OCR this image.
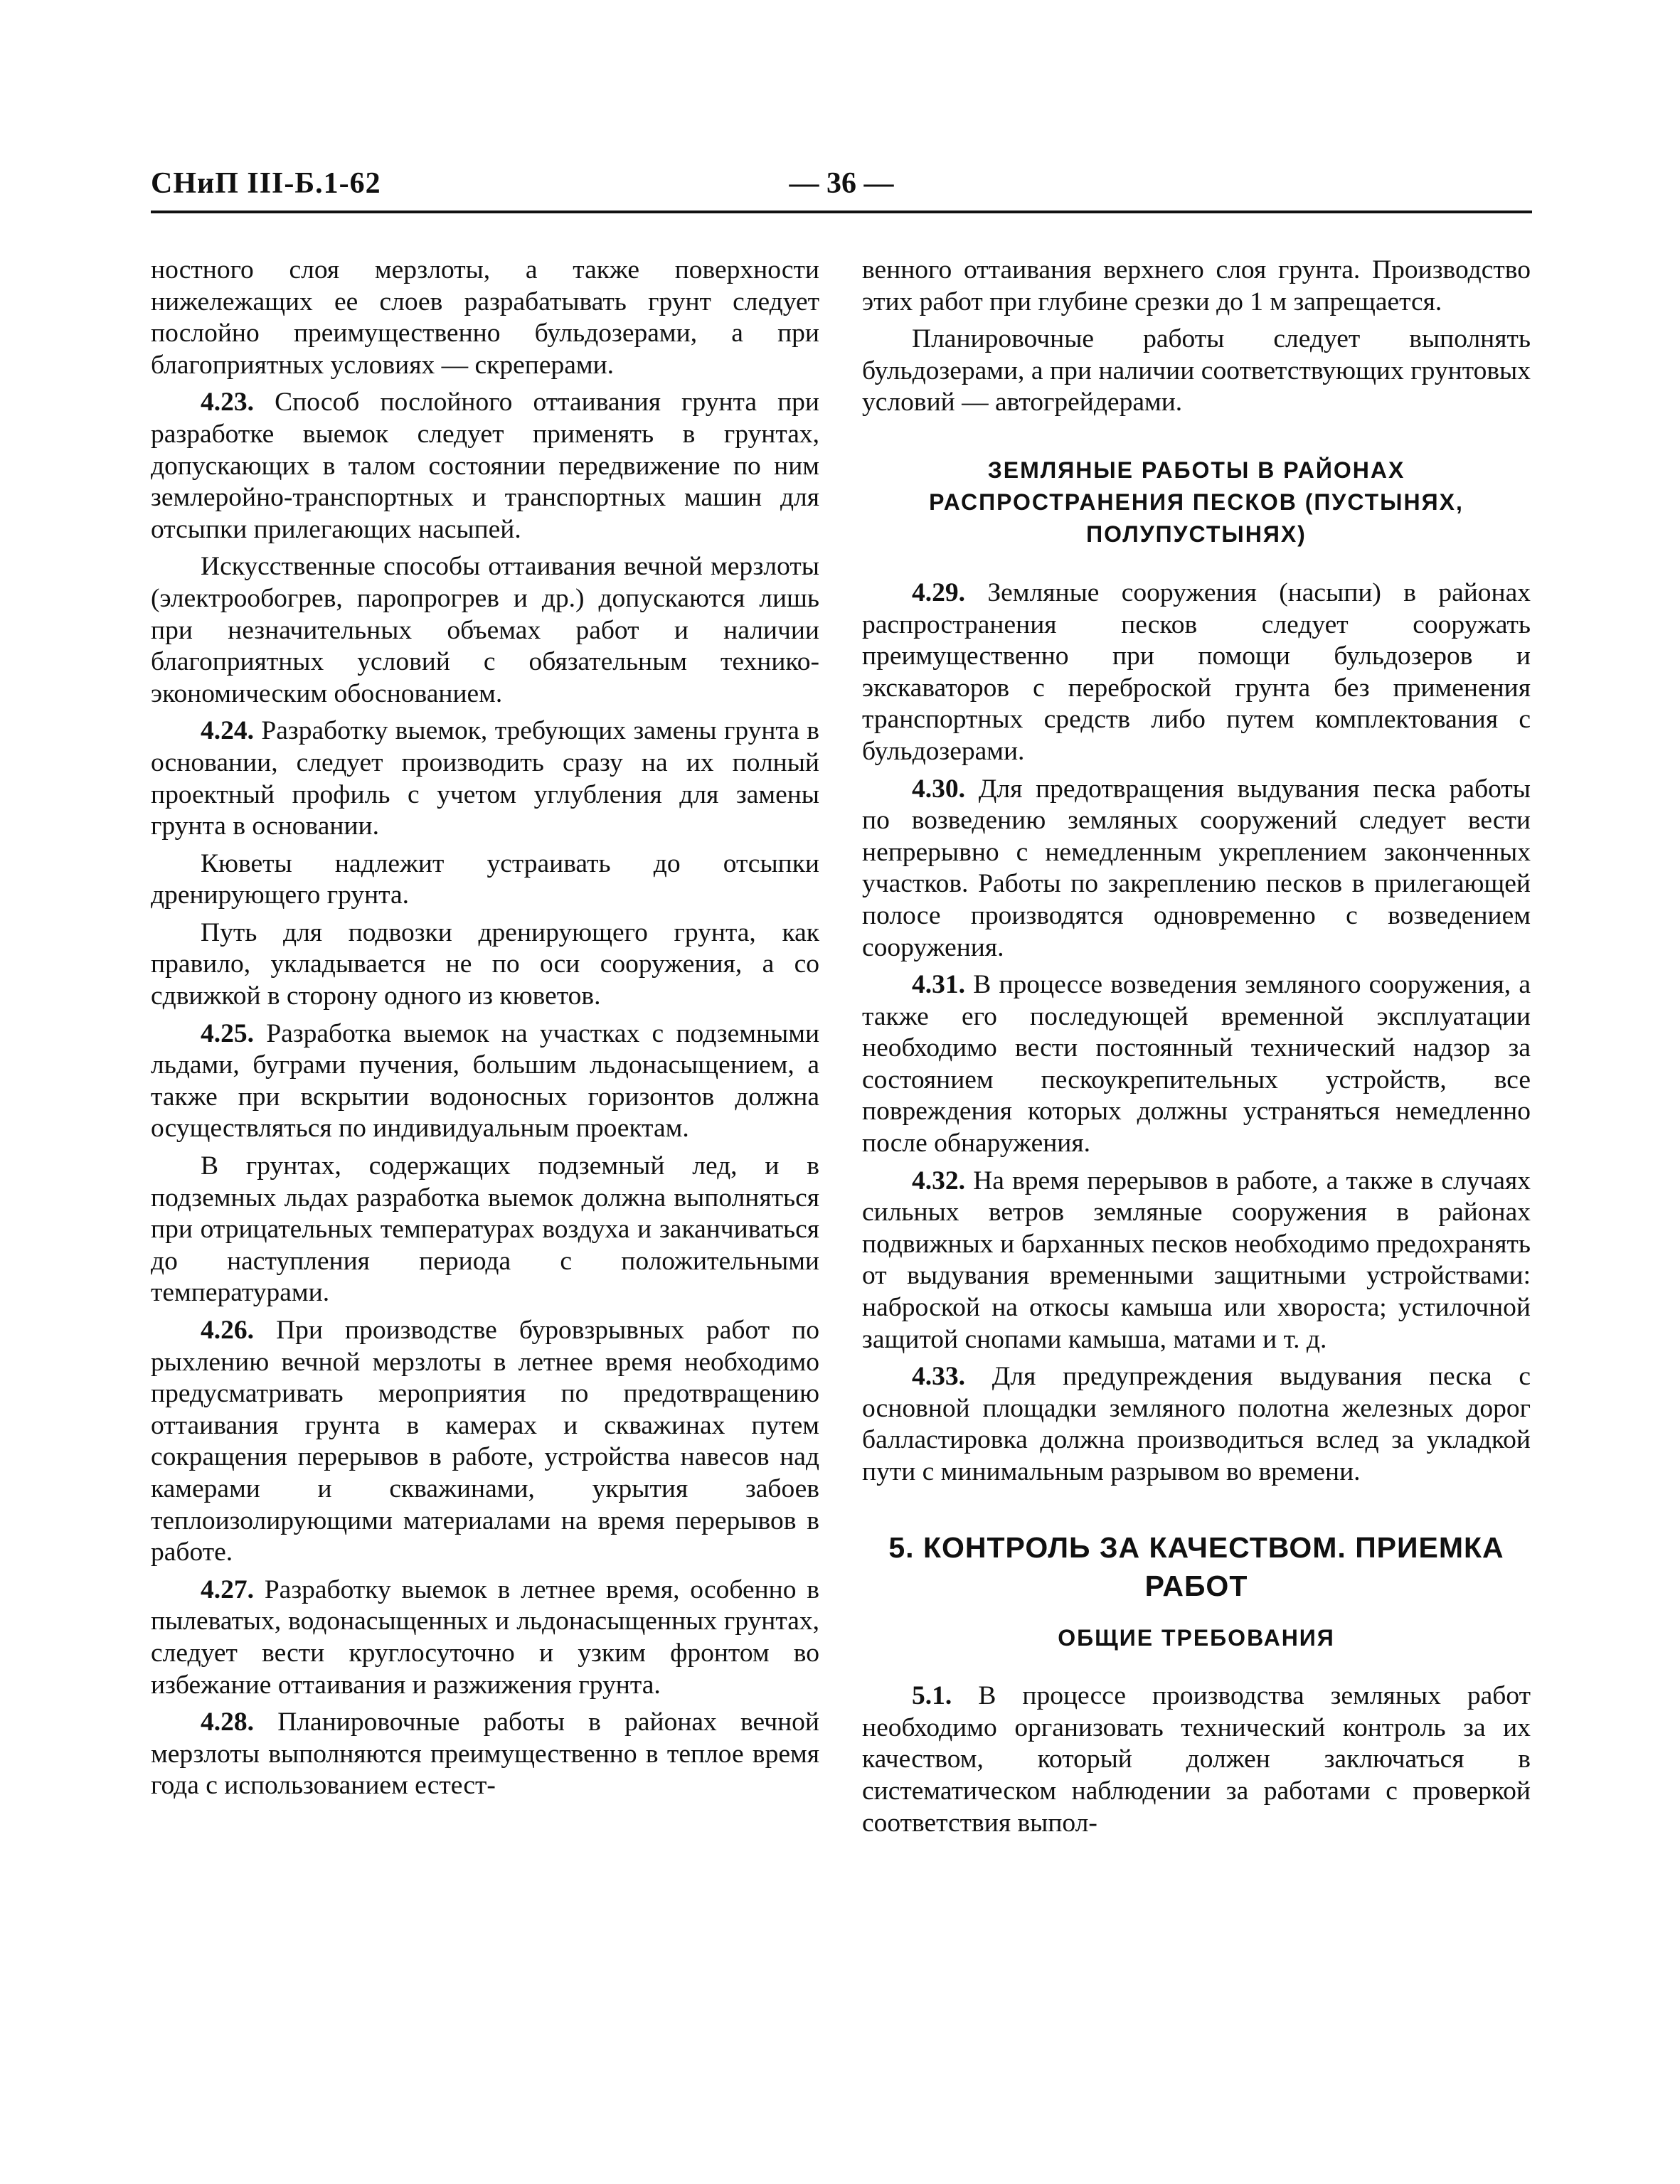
СНиП III-Б.1-62	— 36 —

ностного слоя мерзлоты, а также поверхности нижележащих ее слоев разрабатывать грунт следует послойно преимущественно бульдозерами, а при благоприятных условиях — скреперами.

4.23. Способ послойного оттаивания грунта при разработке выемок следует применять в грунтах, допускающих в талом состоянии передвижение по ним землеройно-транспортных и транспортных машин для отсыпки прилегающих насыпей.

Искусственные способы оттаивания вечной мерзлоты (электрообогрев, паропрогрев и др.) допускаются лишь при незначительных объемах работ и наличии благоприятных условий с обязательным технико-экономическим обоснованием.

4.24. Разработку выемок, требующих замены грунта в основании, следует производить сразу на их полный проектный профиль с учетом углубления для замены грунта в основании.

Кюветы надлежит устраивать до отсыпки дренирующего грунта.

Путь для подвозки дренирующего грунта, как правило, укладывается не по оси сооружения, а со сдвижкой в сторону одного из кюветов.

4.25. Разработка выемок на участках с подземными льдами, буграми пучения, большим льдонасыщением, а также при вскрытии водоносных горизонтов должна осуществляться по индивидуальным проектам.

В грунтах, содержащих подземный лед, и в подземных льдах разработка выемок должна выполняться при отрицательных температурах воздуха и заканчиваться до наступления периода с положительными температурами.

4.26. При производстве буровзрывных работ по рыхлению вечной мерзлоты в летнее время необходимо предусматривать мероприятия по предотвращению оттаивания грунта в камерах и скважинах путем сокращения перерывов в работе, устройства навесов над камерами и скважинами, укрытия забоев теплоизолирующими материалами на время перерывов в работе.

4.27. Разработку выемок в летнее время, особенно в пылеватых, водонасыщенных и льдонасыщенных грунтах, следует вести круглосуточно и узким фронтом во избежание оттаивания и разжижения грунта.

4.28. Планировочные работы в районах вечной мерзлоты выполняются преимущественно в теплое время года с использованием естест-

венного оттаивания верхнего слоя грунта. Производство этих работ при глубине срезки до 1 м запрещается.

Планировочные работы следует выполнять бульдозерами, а при наличии соответствующих грунтовых условий — автогрейдерами.

ЗЕМЛЯНЫЕ РАБОТЫ В РАЙОНАХ РАСПРОСТРАНЕНИЯ ПЕСКОВ (ПУСТЫНЯХ, ПОЛУПУСТЫНЯХ)

4.29. Земляные сооружения (насыпи) в районах распространения песков следует сооружать преимущественно при помощи бульдозеров и экскаваторов с переброской грунта без применения транспортных средств либо путем комплектования с бульдозерами.

4.30. Для предотвращения выдувания песка работы по возведению земляных сооружений следует вести непрерывно с немедленным укреплением законченных участков. Работы по закреплению песков в прилегающей полосе производятся одновременно с возведением сооружения.

4.31. В процессе возведения земляного сооружения, а также его последующей временной эксплуатации необходимо вести постоянный технический надзор за состоянием пескоукрепительных устройств, все повреждения которых должны устраняться немедленно после обнаружения.

4.32. На время перерывов в работе, а также в случаях сильных ветров земляные сооружения в районах подвижных и барханных песков необходимо предохранять от выдувания временными защитными устройствами: наброской на откосы камыша или хвороста; устилочной защитой снопами камыша, матами и т. д.

4.33. Для предупреждения выдувания песка с основной площадки земляного полотна железных дорог балластировка должна производиться вслед за укладкой пути с минимальным разрывом во времени.

5. КОНТРОЛЬ ЗА КАЧЕСТВОМ. ПРИЕМКА РАБОТ
ОБЩИЕ ТРЕБОВАНИЯ

5.1. В процессе производства земляных работ необходимо организовать технический контроль за их качеством, который должен заключаться в систематическом наблюдении за работами с проверкой соответствия выпол-
